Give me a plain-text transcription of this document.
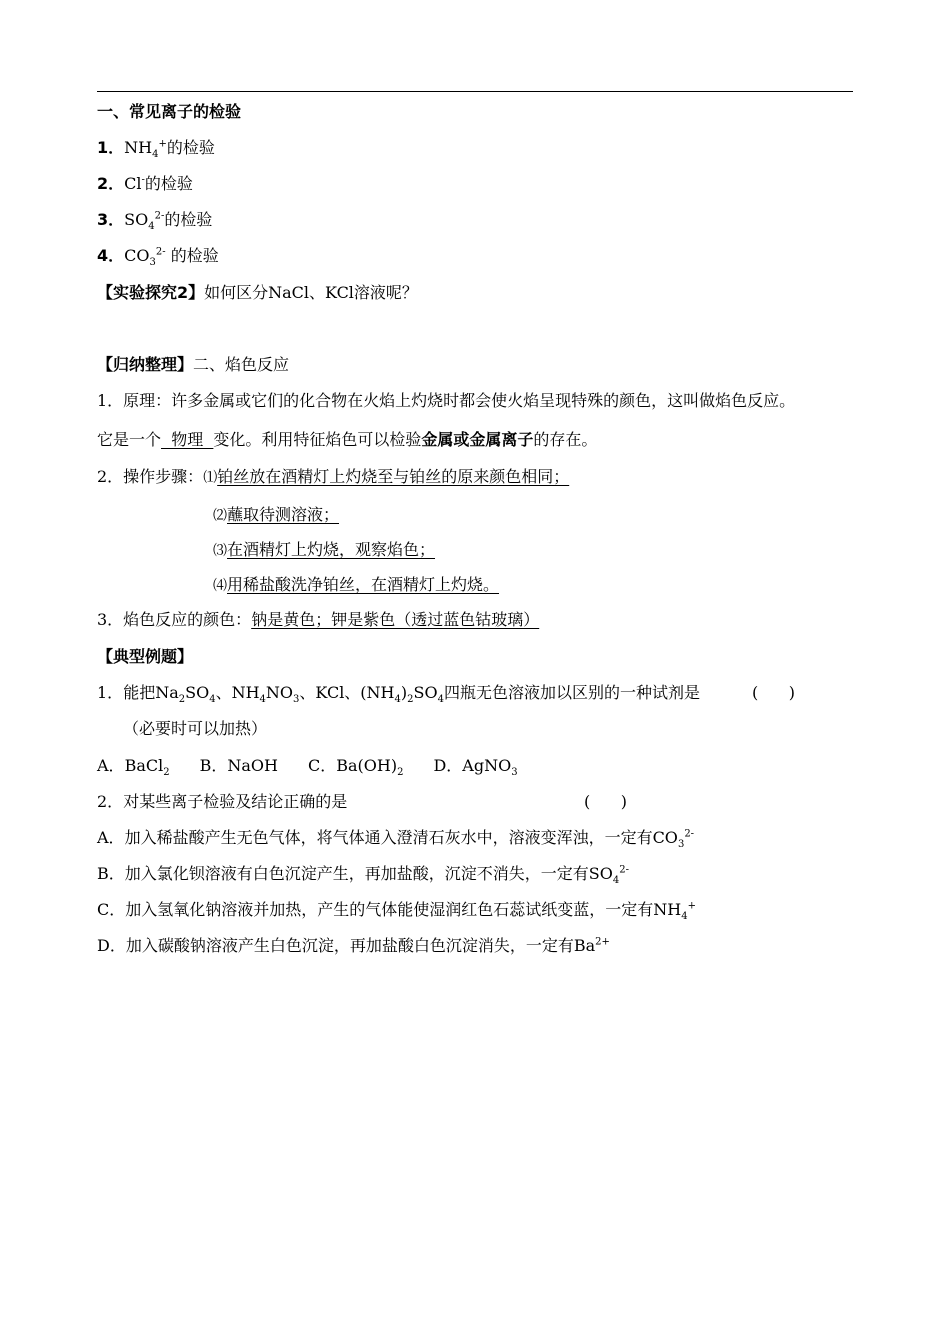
一、常见离子的检验
1．$NH_4^+$的检验
2．Cl-的检验
3．$SO_4^{2-}$的检验
4．$CO_3^{2-}$ 的检验
【实验探究2】如何区分NaCl、KCl溶液呢？
【归纳整理】二、焰色反应
1．原理：许多金属或它们的化合物在火焰上灼烧时都会使火焰呈现特殊的颜色，这叫做焰色反应。
它是一个  物理  变化。利用特征焰色可以检验金属或金属离子的存在。
2．操作步骤：⑴铂丝放在酒精灯上灼烧至与铂丝的原来颜色相同；
⑵蘸取待测溶液；
⑶在酒精灯上灼烧，观察焰色；
⑷用稀盐酸洗净铂丝，在酒精灯上灼烧。
3．焰色反应的颜色：钠是黄色；钾是紫色（透过蓝色钴玻璃）
【典型例题】
1．能把$Na_2SO_4$、$NH_4NO_3$、KCl、$(NH_4)_2SO_4$四瓶无色溶液加以区别的一种试剂是	(      )
（必要时可以加热）
A．BaCl$_2$ B．NaOH C．$Ba(OH)_2$ D．AgNO$_3$
2．对某些离子检验及结论正确的是	(      )
A．加入稀盐酸产生无色气体，将气体通入澄清石灰水中，溶液变浑浊，一定有$CO_3^{2-}$
B．加入氯化钡溶液有白色沉淀产生，再加盐酸，沉淀不消失，一定有$SO_4^{2-}$
C．加入氢氧化钠溶液并加热，产生的气体能使湿润红色石蕊试纸变蓝，一定有$NH_4^+$
D．加入碳酸钠溶液产生白色沉淀，再加盐酸白色沉淀消失，一定有$Ba^{2+}$
